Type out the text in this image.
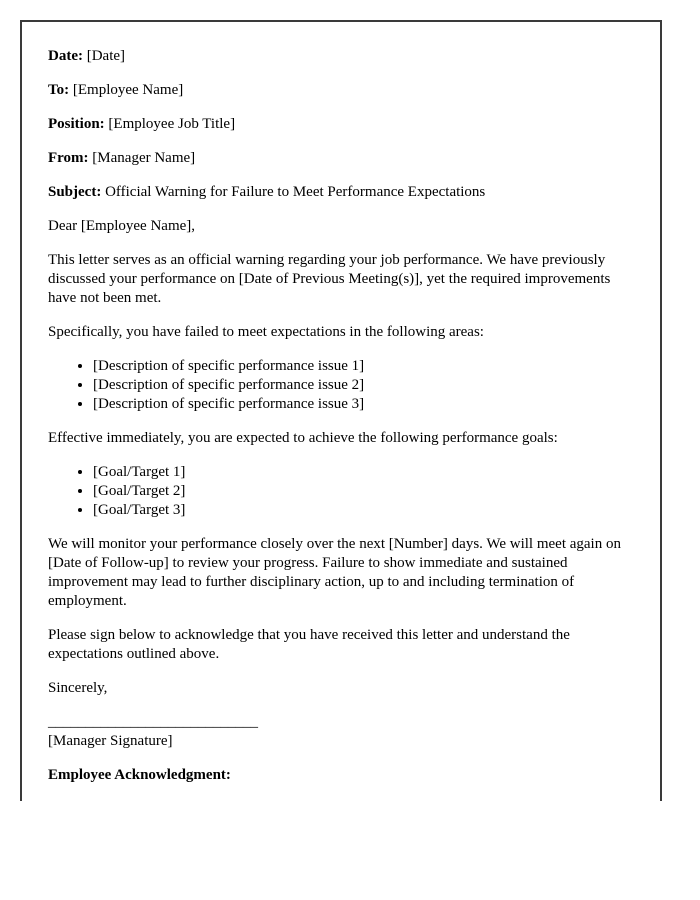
Date: [Date]

To: [Employee Name]

Position: [Employee Job Title]

From: [Manager Name]

Subject: Official Warning for Failure to Meet Performance Expectations

Dear [Employee Name],

This letter serves as an official warning regarding your job performance. We have previously discussed your performance on [Date of Previous Meeting(s)], yet the required improvements have not been met.

Specifically, you have failed to meet expectations in the following areas:

• [Description of specific performance issue 1]
• [Description of specific performance issue 2]
• [Description of specific performance issue 3]

Effective immediately, you are expected to achieve the following performance goals:

• [Goal/Target 1]
• [Goal/Target 2]
• [Goal/Target 3]

We will monitor your performance closely over the next [Number] days. We will meet again on [Date of Follow-up] to review your progress. Failure to show immediate and sustained improvement may lead to further disciplinary action, up to and including termination of employment.

Please sign below to acknowledge that you have received this letter and understand the expectations outlined above.

Sincerely,

____________________________
[Manager Signature]

Employee Acknowledgment:
